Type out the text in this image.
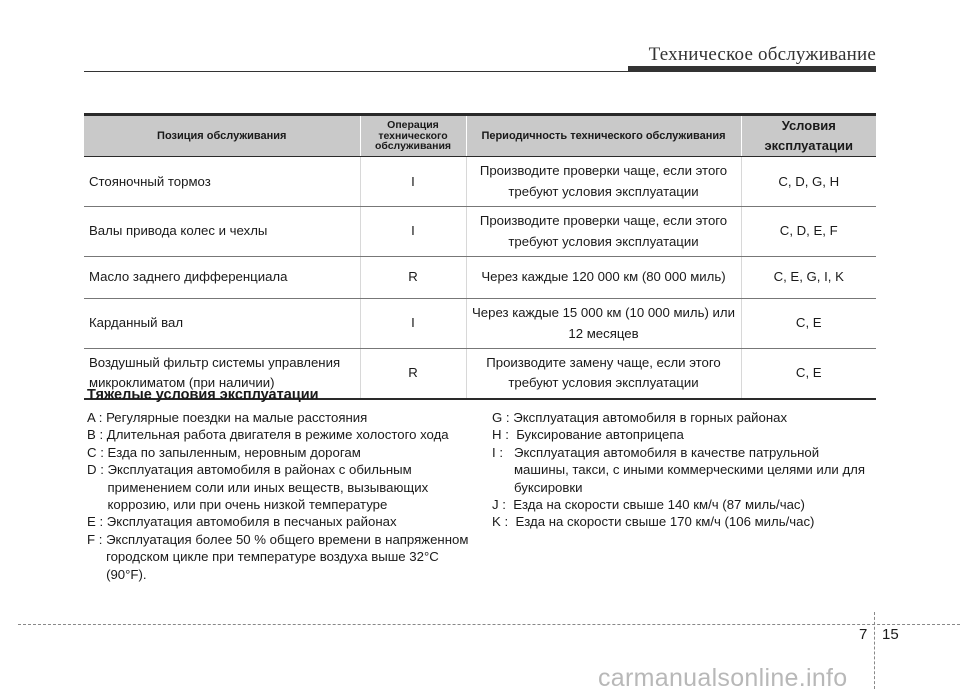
Техническое обслуживание
Позиция обслуживания	Операция технического обслуживания	Периодичность технического обслуживания	Условия эксплуатации
Стояночный тормоз	I	Производите проверки чаще, если этого требуют условия эксплуатации	C, D, G, H
Валы привода колес и чехлы	I	Производите проверки чаще, если этого требуют условия эксплуатации	C, D, E, F
Масло заднего дифференциала	R	Через каждые 120 000 км (80 000 миль)	C, E, G, I, K
Карданный вал	I	Через каждые 15 000 км (10 000 миль) или 12 месяцев	C, E
Воздушный фильтр системы управления микроклиматом (при наличии)	R	Производите замену чаще, если этого требуют условия эксплуатации	C, E
Тяжелые условия эксплуатации
A : Регулярные поездки на малые расстояния
B : Длительная работа двигателя в режиме холостого хода
C : Езда по запыленным, неровным дорогам
D : Эксплуатация автомобиля в районах с обильным применением соли или иных веществ, вызывающих коррозию, или при очень низкой температуре
E : Эксплуатация автомобиля в песчаных районах
F : Эксплуатация более 50 % общего времени в напряженном городском цикле при температуре воздуха выше 32°C (90°F).
G : Эксплуатация автомобиля в горных районах
H : Буксирование автоприцепа
I : Эксплуатация автомобиля в качестве патрульной машины, такси, с иными коммерческими целями или для буксировки
J : Езда на скорости свыше 140 км/ч (87 миль/час)
K : Езда на скорости свыше 170 км/ч (106 миль/час)
7 15
carmanualsonline.info
